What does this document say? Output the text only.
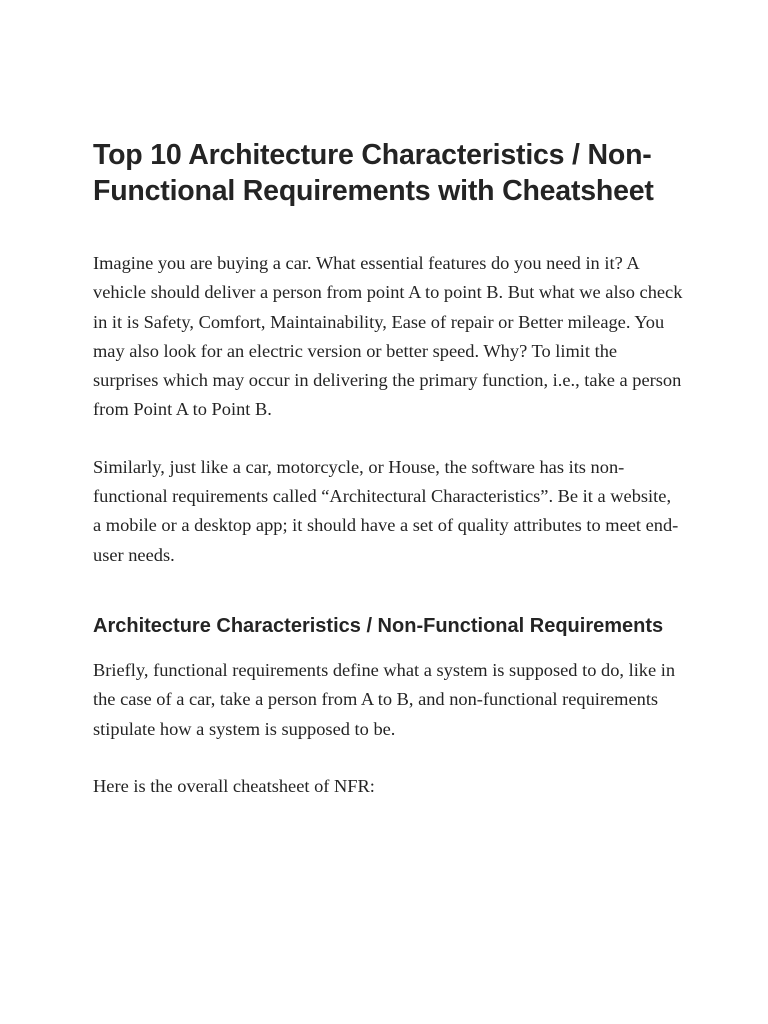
Top 10 Architecture Characteristics / Non-Functional Requirements with Cheatsheet

Imagine you are buying a car. What essential features do you need in it? A vehicle should deliver a person from point A to point B. But what we also check in it is Safety, Comfort, Maintainability, Ease of repair or Better mileage. You may also look for an electric version or better speed. Why? To limit the surprises which may occur in delivering the primary function, i.e., take a person from Point A to Point B.

Similarly, just like a car, motorcycle, or House, the software has its non-functional requirements called “Architectural Characteristics”. Be it a website, a mobile or a desktop app; it should have a set of quality attributes to meet end-user needs.

Architecture Characteristics / Non-Functional Requirements

Briefly, functional requirements define what a system is supposed to do, like in the case of a car, take a person from A to B, and non-functional requirements stipulate how a system is supposed to be.

Here is the overall cheatsheet of NFR:
